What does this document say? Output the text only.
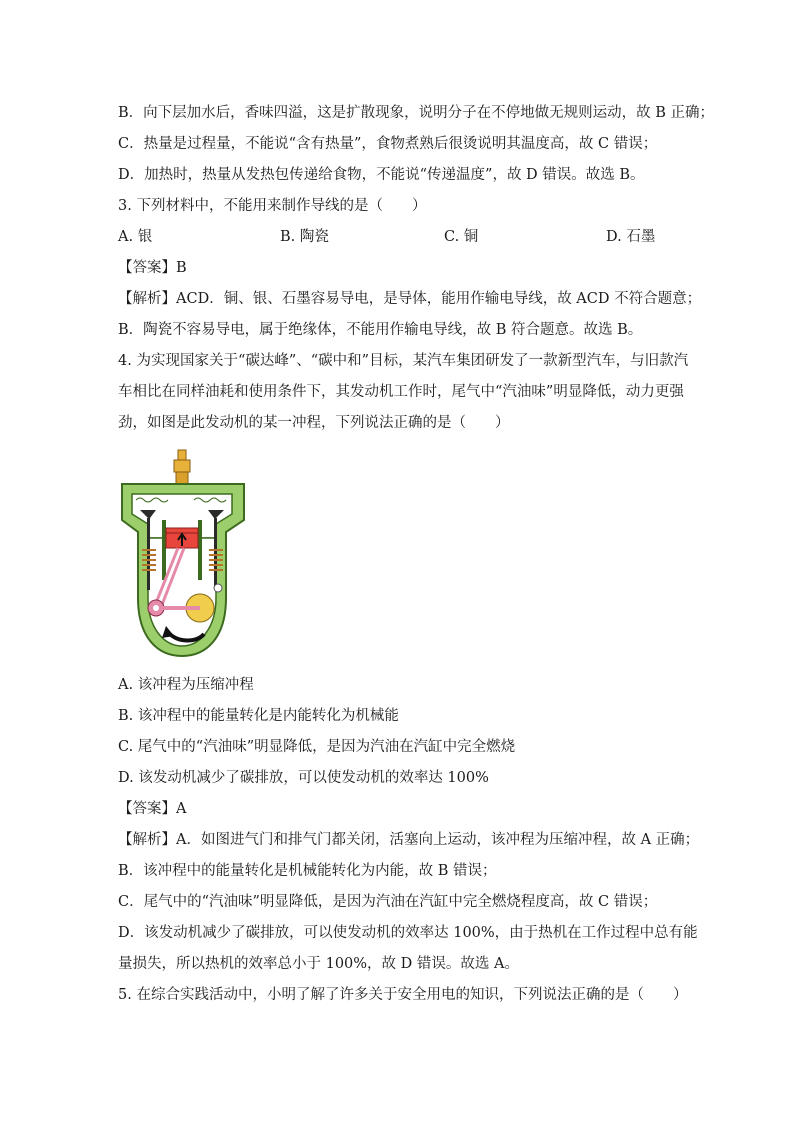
B．向下层加水后，香味四溢，这是扩散现象，说明分子在不停地做无规则运动，故 B 正确；
C．热量是过程量，不能说“含有热量”，食物煮熟后很烫说明其温度高，故 C 错误；
D．加热时，热量从发热包传递给食物，不能说“传递温度”，故 D 错误。故选 B。
3. 下列材料中，不能用来制作导线的是（　　）
A. 银	B. 陶瓷	C. 铜	D. 石墨
【答案】B
【解析】ACD．铜、银、石墨容易导电，是导体，能用作输电导线，故 ACD 不符合题意；
B．陶瓷不容易导电，属于绝缘体，不能用作输电导线，故 B 符合题意。故选 B。
4. 为实现国家关于“碳达峰”、“碳中和”目标，某汽车集团研发了一款新型汽车，与旧款汽
车相比在同样油耗和使用条件下，其发动机工作时，尾气中“汽油味”明显降低，动力更强
劲，如图是此发动机的某一冲程，下列说法正确的是（　　）
A. 该冲程为压缩冲程
B. 该冲程中的能量转化是内能转化为机械能
C. 尾气中的“汽油味”明显降低，是因为汽油在汽缸中完全燃烧
D. 该发动机减少了碳排放，可以使发动机的效率达 100%
【答案】A
【解析】A．如图进气门和排气门都关闭，活塞向上运动，该冲程为压缩冲程，故 A 正确；
B．该冲程中的能量转化是机械能转化为内能，故 B 错误；
C．尾气中的“汽油味”明显降低，是因为汽油在汽缸中完全燃烧程度高，故 C 错误；
D．该发动机减少了碳排放，可以使发动机的效率达 100%，由于热机在工作过程中总有能
量损失，所以热机的效率总小于 100%，故 D 错误。故选 A。
5. 在综合实践活动中，小明了解了许多关于安全用电的知识，下列说法正确的是（　　）
